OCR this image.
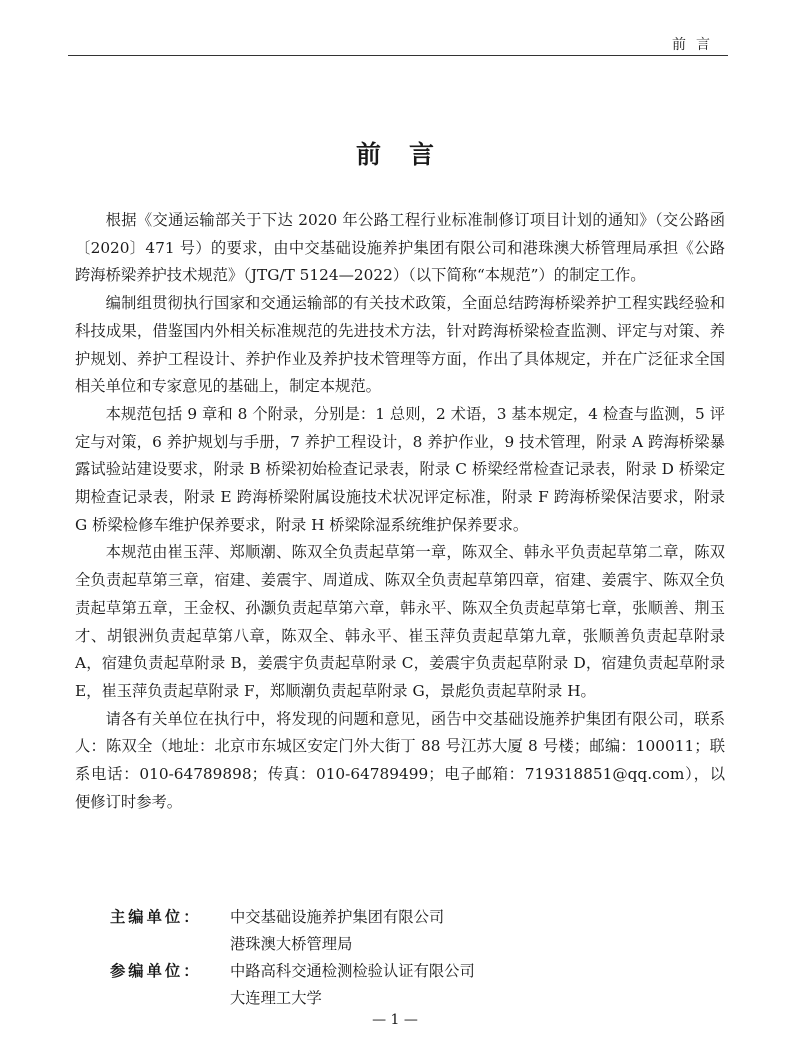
前言
前言

根据《交通运输部关于下达 2020 年公路工程行业标准制修订项目计划的通知》（交公路函〔2020〕471 号）的要求，由中交基础设施养护集团有限公司和港珠澳大桥管理局承担《公路跨海桥梁养护技术规范》（JTG/T 5124—2022）（以下简称“本规范”）的制定工作。

编制组贯彻执行国家和交通运输部的有关技术政策，全面总结跨海桥梁养护工程实践经验和科技成果，借鉴国内外相关标准规范的先进技术方法，针对跨海桥梁检查监测、评定与对策、养护规划、养护工程设计、养护作业及养护技术管理等方面，作出了具体规定，并在广泛征求全国相关单位和专家意见的基础上，制定本规范。

本规范包括 9 章和 8 个附录，分别是：1 总则，2 术语，3 基本规定，4 检查与监测，5 评定与对策，6 养护规划与手册，7 养护工程设计，8 养护作业，9 技术管理，附录 A 跨海桥梁暴露试验站建设要求，附录 B 桥梁初始检查记录表，附录 C 桥梁经常检查记录表，附录 D 桥梁定期检查记录表，附录 E 跨海桥梁附属设施技术状况评定标准，附录 F 跨海桥梁保洁要求，附录 G 桥梁检修车维护保养要求，附录 H 桥梁除湿系统维护保养要求。

本规范由崔玉萍、郑顺潮、陈双全负责起草第一章，陈双全、韩永平负责起草第二章，陈双全负责起草第三章，宿建、姜震宇、周道成、陈双全负责起草第四章，宿建、姜震宇、陈双全负责起草第五章，王金权、孙灏负责起草第六章，韩永平、陈双全负责起草第七章，张顺善、荆玉才、胡银洲负责起草第八章，陈双全、韩永平、崔玉萍负责起草第九章，张顺善负责起草附录 A，宿建负责起草附录 B，姜震宇负责起草附录 C，姜震宇负责起草附录 D，宿建负责起草附录 E，崔玉萍负责起草附录 F，郑顺潮负责起草附录 G，景彪负责起草附录 H。

请各有关单位在执行中，将发现的问题和意见，函告中交基础设施养护集团有限公司，联系人：陈双全（地址：北京市东城区安定门外大街丁 88 号江苏大厦 8 号楼；邮编：100011；联系电话：010-64789898；传真：010-64789499；电子邮箱：719318851@qq.com），以便修订时参考。

主编单位：	中交基础设施养护集团有限公司
港珠澳大桥管理局
参编单位：	中路高科交通检测检验认证有限公司
大连理工大学
— 1 —
